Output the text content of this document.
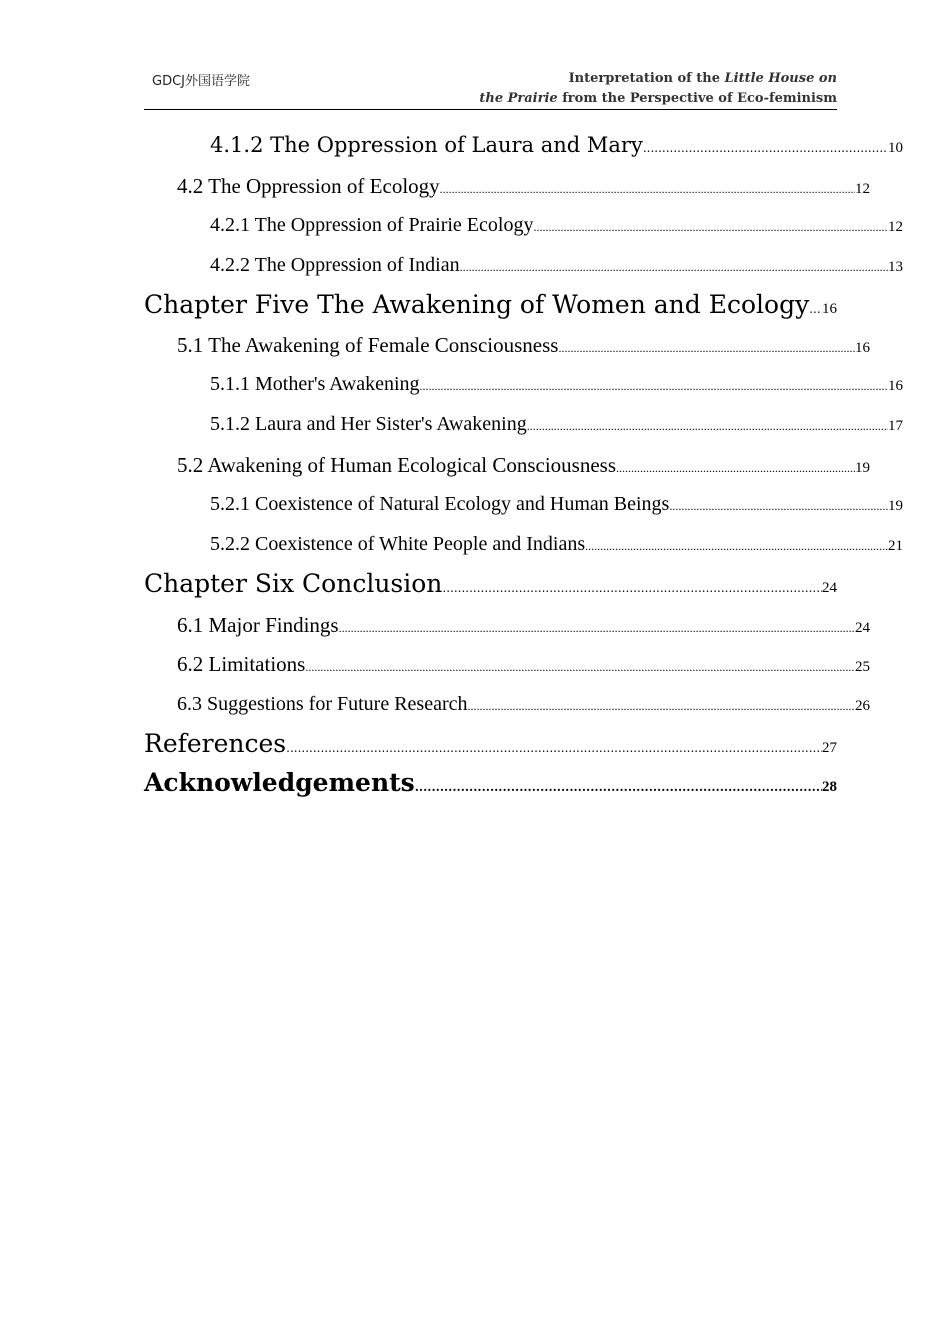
GDCJ外国语学院	Interpretation of the Little House on
the Prairie from the Perspective of Eco-feminism
4.1.2 The Oppression of Laura and Mary .....	10
4.2 The Oppression of Ecology .....	12
4.2.1 The Oppression of Prairie Ecology .....	12
4.2.2 The Oppression of Indian .....	13
Chapter Five The Awakening of Women and Ecology ..... 16
5.1 The Awakening of Female Consciousness .....	16
5.1.1 Mother's Awakening .....	16
5.1.2 Laura and Her Sister's Awakening .....	17
5.2 Awakening of Human Ecological Consciousness .....	19
5.2.1 Coexistence of Natural Ecology and Human Beings .....	19
5.2.2 Coexistence of White People and Indians .....	21
Chapter Six Conclusion .....	24
6.1 Major Findings .....	24
6.2 Limitations .....	25
6.3 Suggestions for Future Research .....	26
References .....	27
Acknowledgements .....	28
